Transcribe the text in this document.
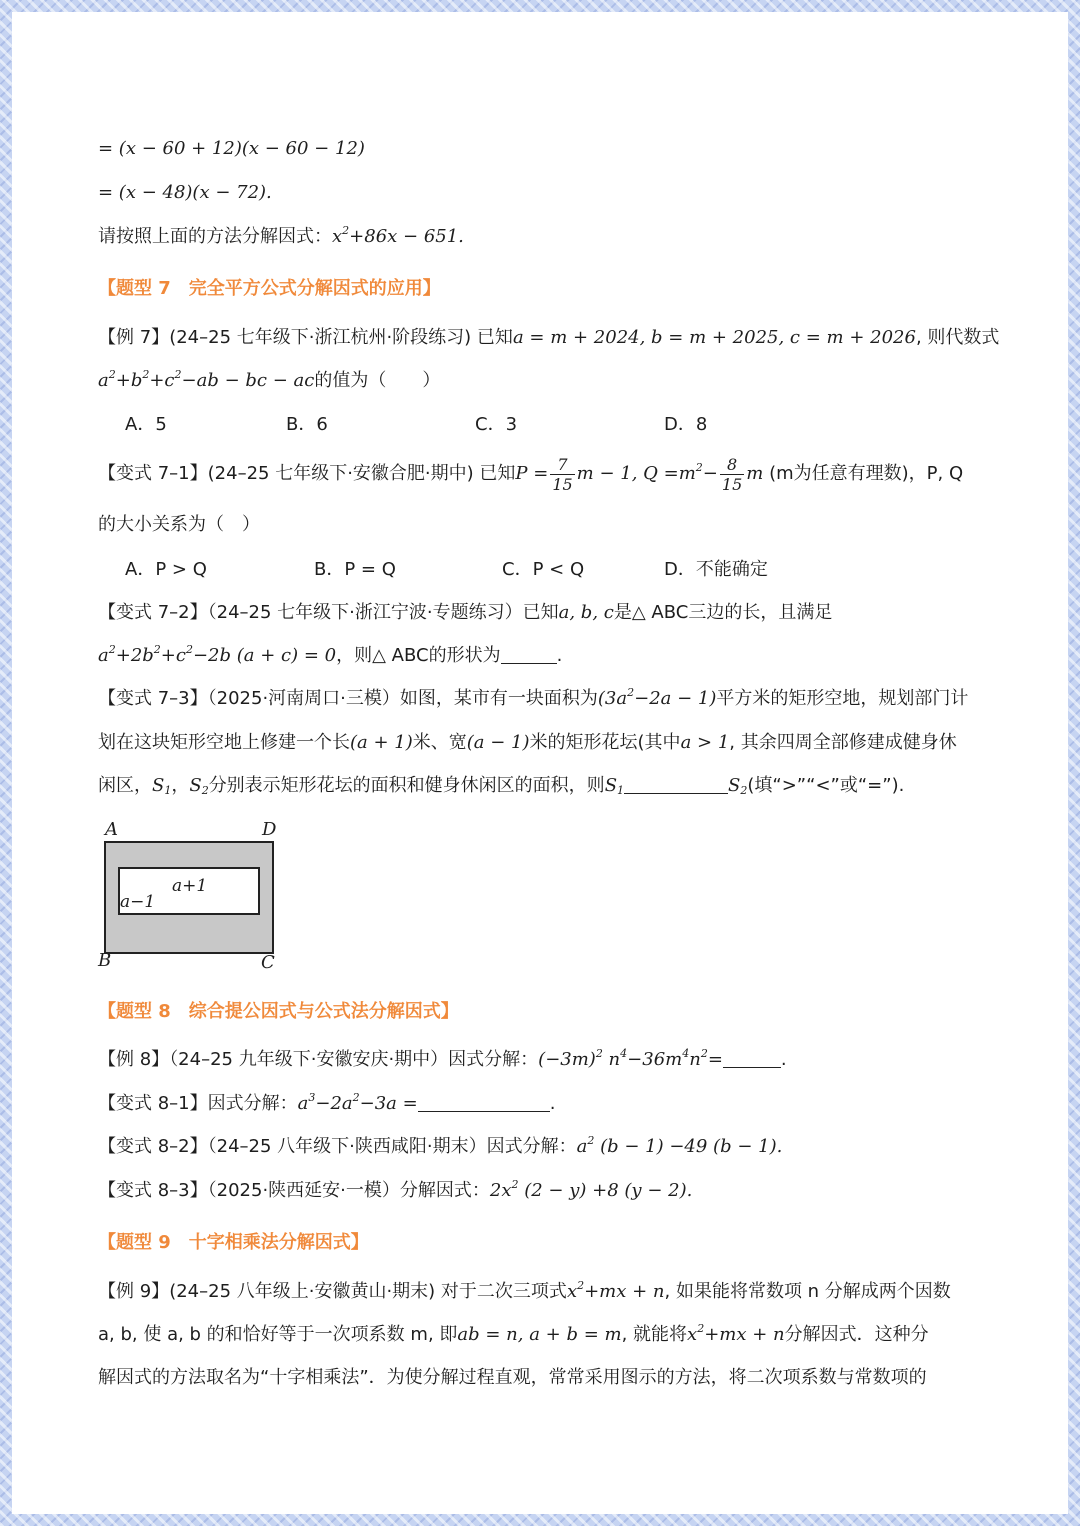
= (x − 60 + 12)(x − 60 − 12)
= (x − 48)(x − 72).
请按照上面的方法分解因式：$x^2+86x - 651$.
【题型 7　完全平方公式分解因式的应用】
【例 7】(24–25 七年级下·浙江杭州·阶段练习) 已知a = m + 2024, b = m + 2025, c = m + 2026, 则代数式
$a^2+b^2+c^2-ab$ − bc − ac的值为（　　）
A．5	B．6	C．3	D．8
【变式 7–1】(24–25 七年级下·安徽合肥·期中) 已知$P = \frac{7}{15}$ m − 1, $Q =m^2- \frac{8}{15}$ m (m为任意有理数)，P, Q
的大小关系为（　）
A．P > Q	B．P = Q	C．P < Q	D．不能确定
【变式 7–2】（24–25 七年级下·浙江宁波·专题练习）已知a, b, c是△ ABC三边的长，且满足
$a^2+2b^2+c^2-2b$ (a + c) = 0，则△ ABC的形状为	.
【变式 7–3】（2025·河南周口·三模）如图，某市有一块面积为$(3a^2-2a - 1)$平方米的矩形空地，规划部门计
划在这块矩形空地上修建一个长(a + 1)米、宽(a − 1)米的矩形花坛(其中a > 1, 其余四周全部修建成健身休
闲区，$S_1$，$S_2$分别表示矩形花坛的面积和健身休闲区的面积，则$S_1$	$S_2$(填“>”“<”或“=”).
A	D
B	C
a+1
a−1
【题型 8　综合提公因式与公式法分解因式】
【例 8】（24–25 九年级下·安徽安庆·期中）因式分解：$(-3m)^2$ $n^4-36m^4n^2=$	.
【变式 8–1】因式分解：$a^3-2a^2-3a$ =	.
【变式 8–2】（24–25 八年级下·陕西咸阳·期末）因式分解：$a^2$ (b − 1) −49 (b − 1).
【变式 8–3】（2025·陕西延安·一模）分解因式：$2x^2$ (2 − y) +8 (y − 2).
【题型 9　十字相乘法分解因式】
【例 9】(24–25 八年级上·安徽黄山·期末) 对于二次三项式$x^2+mx + n$, 如果能将常数项 n 分解成两个因数
a, b, 使 a, b 的和恰好等于一次项系数 m, 即ab = n, a + b = m, 就能将$x^2+mx + n$分解因式．这种分
解因式的方法取名为“十字相乘法”．为使分解过程直观，常常采用图示的方法，将二次项系数与常数项的
